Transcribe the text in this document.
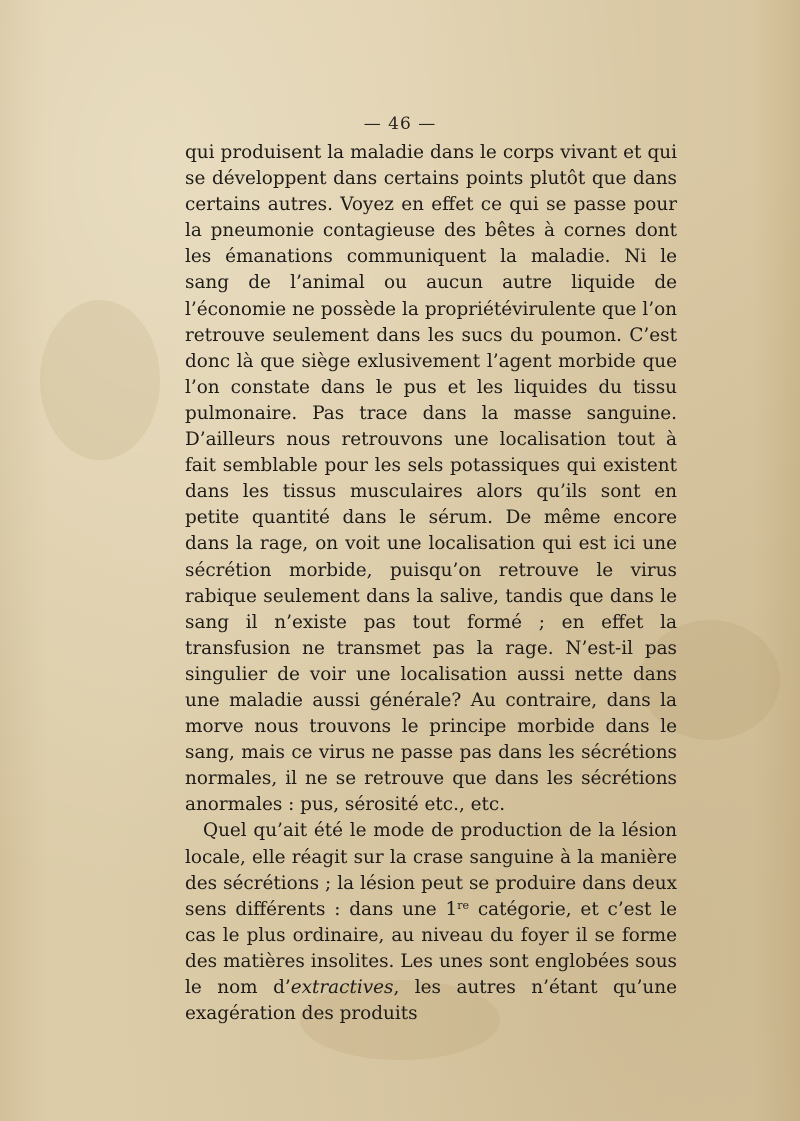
— 46 —

qui produisent la maladie dans le corps vivant et qui se développent dans certains points plutôt que dans certains autres. Voyez en effet ce qui se passe pour la pneumonie contagieuse des bêtes à cornes dont les émanations communiquent la maladie. Ni le sang de l’animal ou aucun autre liquide de l’économie ne possède la propriétévirulente que l’on retrouve seulement dans les sucs du poumon. C’est donc là que siège exlusivement l’agent morbide que l’on constate dans le pus et les liquides du tissu pulmonaire. Pas trace dans la masse sanguine. D’ailleurs nous retrouvons une localisation tout à fait semblable pour les sels potassiques qui existent dans les tissus musculaires alors qu’ils sont en petite quantité dans le sérum. De même encore dans la rage, on voit une localisation qui est ici une sécrétion morbide, puisqu’on retrouve le virus rabique seulement dans la salive, tandis que dans le sang il n’existe pas tout formé ; en effet la transfusion ne transmet pas la rage. N’est-il pas singulier de voir une localisation aussi nette dans une maladie aussi générale? Au contraire, dans la morve nous trouvons le principe morbide dans le sang, mais ce virus ne passe pas dans les sécrétions normales, il ne se retrouve que dans les sécrétions anormales : pus, sérosité etc., etc.

Quel qu’ait été le mode de production de la lésion locale, elle réagit sur la crase sanguine à la manière des sécrétions ; la lésion peut se produire dans deux sens différents : dans une 1re catégorie, et c’est le cas le plus ordinaire, au niveau du foyer il se forme des matières insolites. Les unes sont englobées sous le nom d’extractives, les autres n’étant qu’une exagération des produits
